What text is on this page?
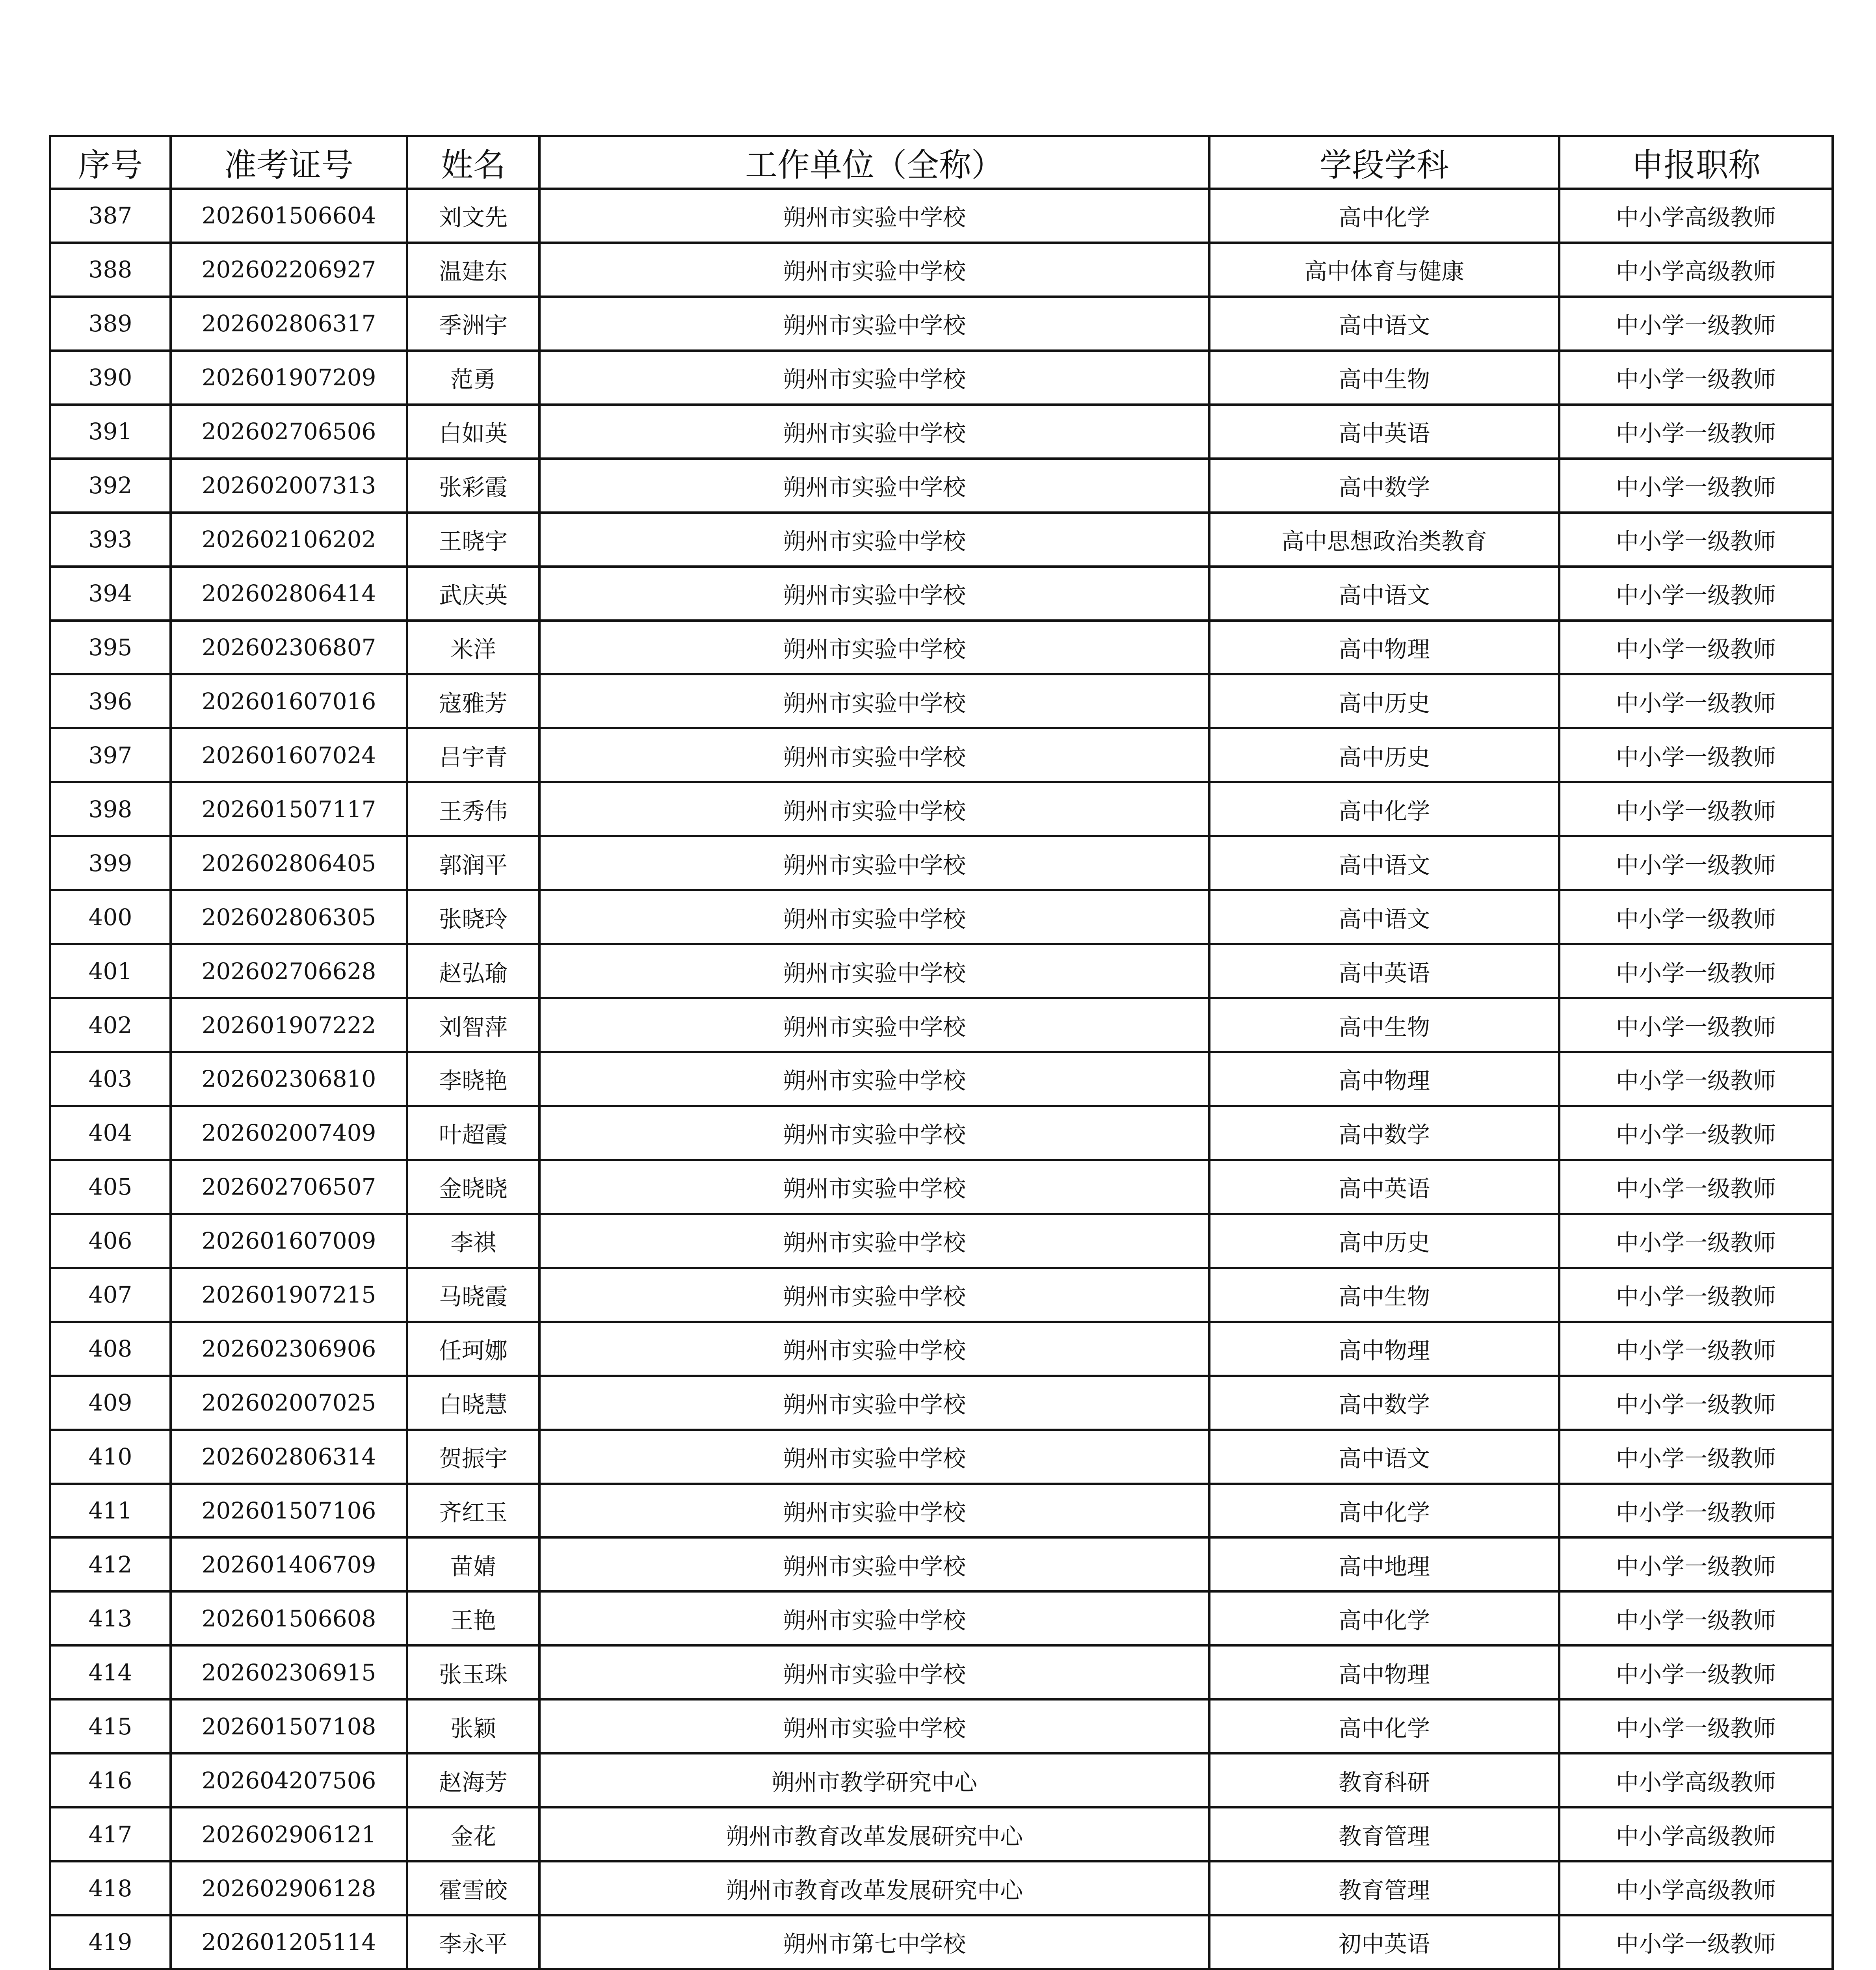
序号	准考证号	姓名	工作单位（全称）	学段学科	申报职称
387	202601506604	刘文先	朔州市实验中学校	高中化学	中小学高级教师
388	202602206927	温建东	朔州市实验中学校	高中体育与健康	中小学高级教师
389	202602806317	季洲宇	朔州市实验中学校	高中语文	中小学一级教师
390	202601907209	范勇	朔州市实验中学校	高中生物	中小学一级教师
391	202602706506	白如英	朔州市实验中学校	高中英语	中小学一级教师
392	202602007313	张彩霞	朔州市实验中学校	高中数学	中小学一级教师
393	202602106202	王晓宇	朔州市实验中学校	高中思想政治类教育	中小学一级教师
394	202602806414	武庆英	朔州市实验中学校	高中语文	中小学一级教师
395	202602306807	米洋	朔州市实验中学校	高中物理	中小学一级教师
396	202601607016	寇雅芳	朔州市实验中学校	高中历史	中小学一级教师
397	202601607024	吕宇青	朔州市实验中学校	高中历史	中小学一级教师
398	202601507117	王秀伟	朔州市实验中学校	高中化学	中小学一级教师
399	202602806405	郭润平	朔州市实验中学校	高中语文	中小学一级教师
400	202602806305	张晓玲	朔州市实验中学校	高中语文	中小学一级教师
401	202602706628	赵弘瑜	朔州市实验中学校	高中英语	中小学一级教师
402	202601907222	刘智萍	朔州市实验中学校	高中生物	中小学一级教师
403	202602306810	李晓艳	朔州市实验中学校	高中物理	中小学一级教师
404	202602007409	叶超霞	朔州市实验中学校	高中数学	中小学一级教师
405	202602706507	金晓晓	朔州市实验中学校	高中英语	中小学一级教师
406	202601607009	李祺	朔州市实验中学校	高中历史	中小学一级教师
407	202601907215	马晓霞	朔州市实验中学校	高中生物	中小学一级教师
408	202602306906	任珂娜	朔州市实验中学校	高中物理	中小学一级教师
409	202602007025	白晓慧	朔州市实验中学校	高中数学	中小学一级教师
410	202602806314	贺振宇	朔州市实验中学校	高中语文	中小学一级教师
411	202601507106	齐红玉	朔州市实验中学校	高中化学	中小学一级教师
412	202601406709	苗婧	朔州市实验中学校	高中地理	中小学一级教师
413	202601506608	王艳	朔州市实验中学校	高中化学	中小学一级教师
414	202602306915	张玉珠	朔州市实验中学校	高中物理	中小学一级教师
415	202601507108	张颖	朔州市实验中学校	高中化学	中小学一级教师
416	202604207506	赵海芳	朔州市教学研究中心	教育科研	中小学高级教师
417	202602906121	金花	朔州市教育改革发展研究中心	教育管理	中小学高级教师
418	202602906128	霍雪皎	朔州市教育改革发展研究中心	教育管理	中小学高级教师
419	202601205114	李永平	朔州市第七中学校	初中英语	中小学一级教师
